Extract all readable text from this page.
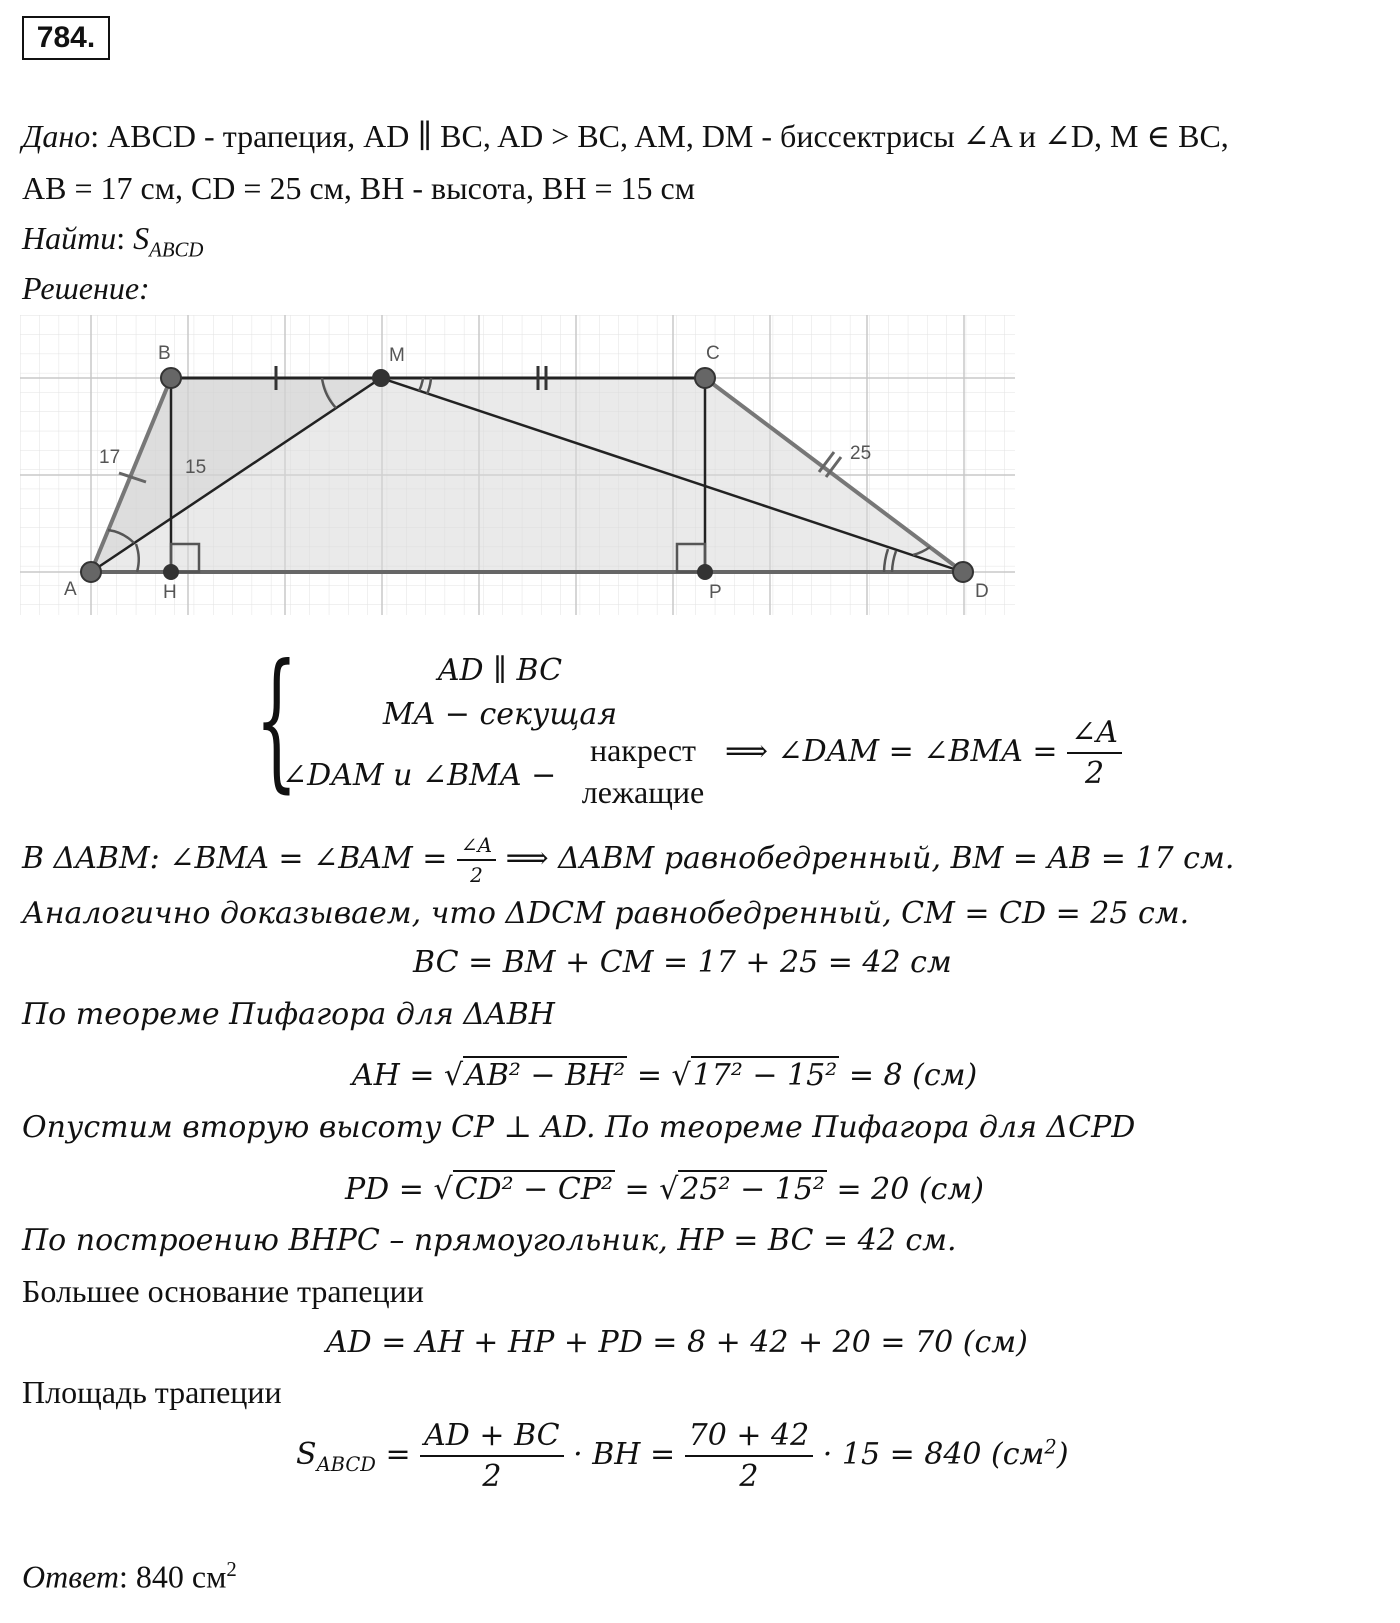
784.
Дано: ABCD - трапеция, AD ∥ BC, AD > BC, AM, DM - биссектрисы ∠A и ∠D, M ∈ BC,
AB = 17 см, CD = 25 см, BH - высота, BH = 15 см
Найти: $S_{ABCD}$
Решение:
A
B	M	C
D
H	P
17	15
25
{	AD ∥ BC
MA − секущая
∠DAM и ∠BMA −
накрест
лежащие
⟹ ∠DAM = ∠BMA = $\frac{\angle A}{2}$
В ΔABM: ∠BMA = ∠BAM = $\frac{\angle A}{2}$ ⟹ ΔABM равнобедренный, BM = AB = 17 см.
Аналогично доказываем, что ΔDCM равнобедренный, CM = CD = 25 см.
BC = BM + CM = 17 + 25 = 42 см
По теореме Пифагора для ΔABH
AH = √AB² − BH² = √17² − 15² = 8 (см)
Опустим вторую высоту CP ⊥ AD. По теореме Пифагора для ΔCPD
PD = √CD² − CP² = √25² − 15² = 20 (см)
По построению BHPC – прямоугольник, HP = BC = 42 см.
Большее основание трапеции
AD = AH + HP + PD = 8 + 42 + 20 = 70 (см)
Площадь трапеции
$S_{ABCD} = \frac{AD + BC}{2}$ · BH = $\frac{70 + 42}{2} \cdot 15 = 840$ $(см^2)$
Ответ: 840 $см^2$
